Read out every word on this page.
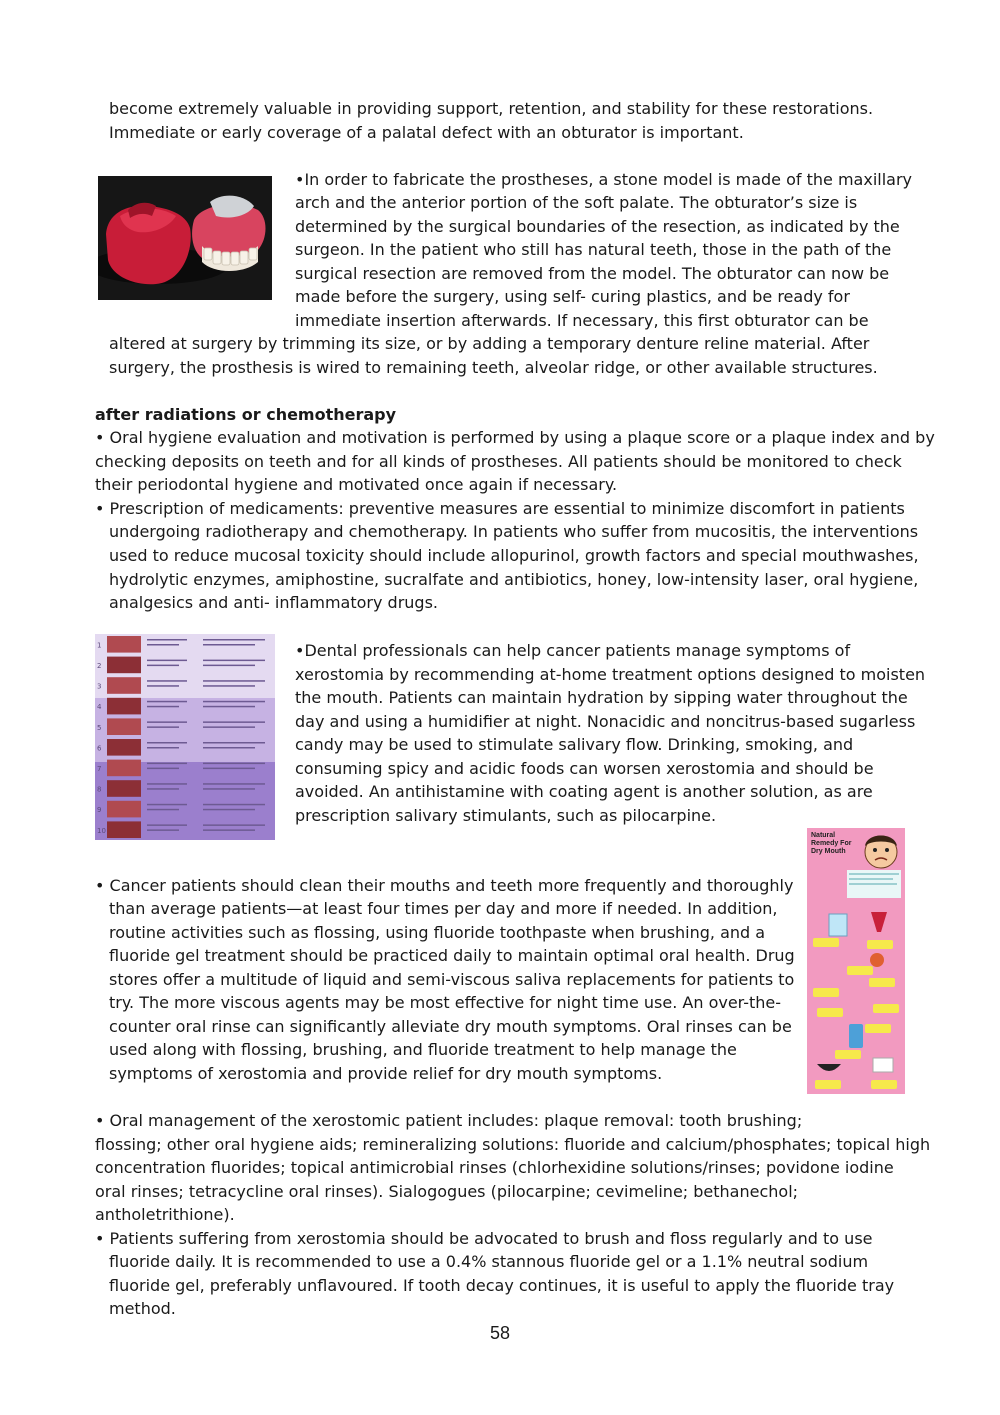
become extremely valuable in providing support, retention, and stability for these restorations.

Immediate or early coverage of a palatal defect with an obturator is important.

•In order to fabricate the prostheses, a stone model is made of the maxillary

arch and the anterior portion of the soft palate. The obturator’s size is

determined by the surgical boundaries of the resection, as indicated by the

surgeon. In the patient who still has natural teeth, those in the path of the

surgical resection are removed from the model. The obturator can now be

made before the surgery, using self- curing plastics, and be ready for

immediate insertion afterwards. If necessary, this first obturator can be

altered at surgery by trimming its size, or by adding a temporary denture reline material. After

surgery, the prosthesis is wired to remaining teeth, alveolar ridge, or other available structures.

after radiations or chemotherapy

• Oral hygiene evaluation and motivation is performed by using a plaque score or a plaque index and by

checking deposits on teeth and for all kinds of prostheses. All patients should be monitored to check

their periodontal hygiene and motivated once again if necessary.

• Prescription of medicaments: preventive measures are essential to minimize discomfort in patients

undergoing radiotherapy and chemotherapy. In patients who suffer from mucositis, the interventions

used to reduce mucosal toxicity should include allopurinol, growth factors and special mouthwashes,

hydrolytic enzymes, amiphostine, sucralfate and antibiotics, honey, low-intensity laser, oral hygiene,

analgesics and anti- inflammatory drugs.

1
2
3
4
5
6
7
8
9
10

•Dental professionals can help cancer patients manage symptoms of

xerostomia by recommending at-home treatment options designed to moisten

the mouth. Patients can maintain hydration by sipping water throughout the

day and using a humidifier at night. Nonacidic and noncitrus-based sugarless

candy may be used to stimulate salivary flow. Drinking, smoking, and

consuming spicy and acidic foods can worsen xerostomia and should be

avoided. An antihistamine with coating agent is another solution, as are

prescription salivary stimulants, such as pilocarpine.

Natural Remedy For Dry Mouth

• Cancer patients should clean their mouths and teeth more frequently and thoroughly

than average patients—at least four times per day and more if needed. In addition,

routine activities such as flossing, using fluoride toothpaste when brushing, and a

fluoride gel treatment should be practiced daily to maintain optimal oral health. Drug

stores offer a multitude of liquid and semi-viscous saliva replacements for patients to

try. The more viscous agents may be most effective for night time use. An over-the-

counter oral rinse can significantly alleviate dry mouth symptoms. Oral rinses can be

used along with flossing, brushing, and fluoride treatment to help manage the

symptoms of xerostomia and provide relief for dry mouth symptoms.

• Oral management of the xerostomic patient includes: plaque removal: tooth brushing;

flossing; other oral hygiene aids; remineralizing solutions: fluoride and calcium/phosphates; topical high

concentration fluorides; topical antimicrobial rinses (chlorhexidine solutions/rinses; povidone iodine

oral rinses; tetracycline oral rinses). Sialogogues (pilocarpine; cevimeline; bethanechol;

antholetrithione).

• Patients suffering from xerostomia should be advocated to brush and floss regularly and to use

fluoride daily. It is recommended to use a 0.4% stannous fluoride gel or a 1.1% neutral sodium

fluoride gel, preferably unflavoured. If tooth decay continues, it is useful to apply the fluoride tray

method.

58
